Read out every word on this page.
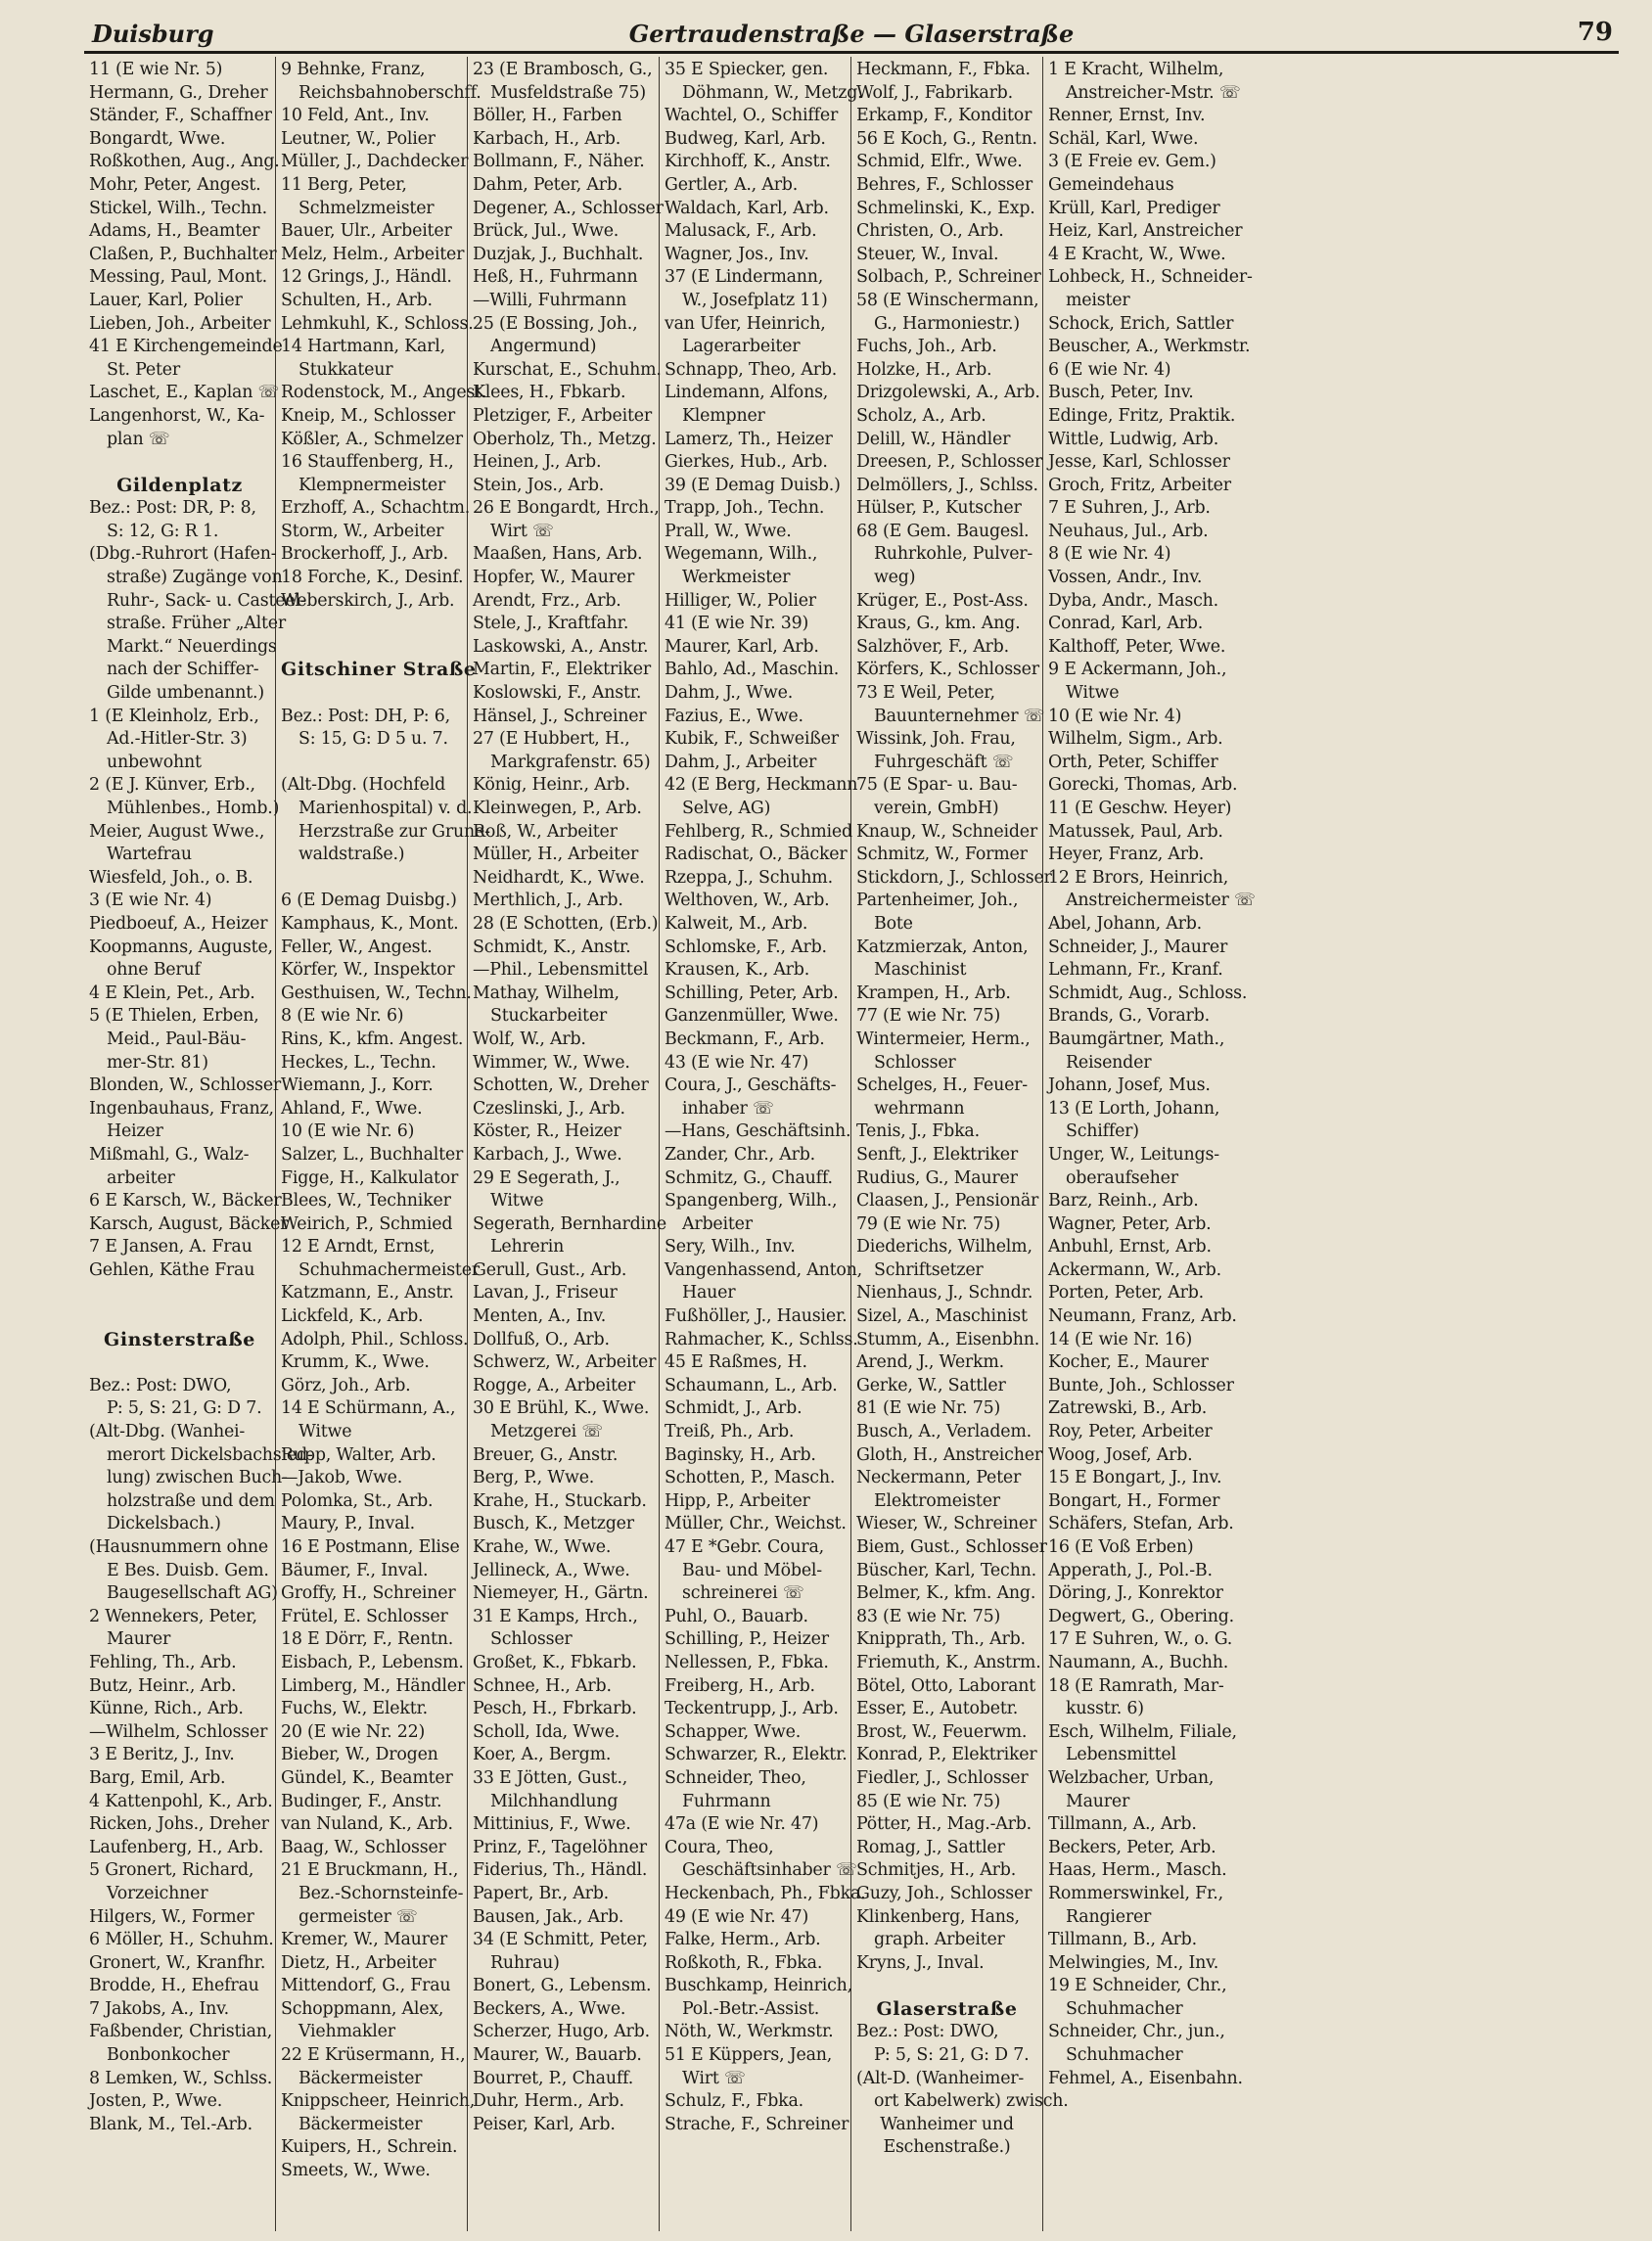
Duisburg	Gertraudenstraße — Glaserstraße	79
11 (E wie Nr. 5)
Hermann, G., Dreher
Ständer, F., Schaffner
Bongardt, Wwe.
Roßkothen, Aug., Ang.
Mohr, Peter, Angest.
Stickel, Wilh., Techn.
Adams, H., Beamter
Claßen, P., Buchhalter
Messing, Paul, Mont.
Lauer, Karl, Polier
Lieben, Joh., Arbeiter
41 E Kirchengemeinde
St. Peter
Laschet, E., Kaplan ☏
Langenhorst, W., Ka-
plan ☏
Gildenplatz
Bez.: Post: DR, P: 8,
S: 12, G: R 1.
(Dbg.-Ruhrort (Hafen-
straße) Zugänge von
Ruhr-, Sack- u. Casteel-
straße. Früher „Alter
Markt.“ Neuerdings
nach der Schiffer-
Gilde umbenannt.)
1 (E Kleinholz, Erb.,
Ad.-Hitler-Str. 3)
unbewohnt
2 (E J. Künver, Erb.,
Mühlenbes., Homb.)
Meier, August Wwe.,
Wartefrau
Wiesfeld, Joh., o. B.
3 (E wie Nr. 4)
Piedboeuf, A., Heizer
Koopmanns, Auguste,
ohne Beruf
4 E Klein, Pet., Arb.
5 (E Thielen, Erben,
Meid., Paul-Bäu-
mer-Str. 81)
Blonden, W., Schlosser
Ingenbauhaus, Franz,
Heizer
Mißmahl, G., Walz-
arbeiter
6 E Karsch, W., Bäcker
Karsch, August, Bäcker
7 E Jansen, A. Frau
Gehlen, Käthe Frau
Ginsterstraße
Bez.: Post: DWO,
P: 5, S: 21, G: D 7.
(Alt-Dbg. (Wanhei-
merort Dickelsbachsied-
lung) zwischen Buch-
holzstraße und dem
Dickelsbach.)
(Hausnummern ohne
E Bes. Duisb. Gem.
Baugesellschaft AG)
2 Wennekers, Peter,
Maurer
Fehling, Th., Arb.
Butz, Heinr., Arb.
Künne, Rich., Arb.
—Wilhelm, Schlosser
3 E Beritz, J., Inv.
Barg, Emil, Arb.
4 Kattenpohl, K., Arb.
Ricken, Johs., Dreher
Laufenberg, H., Arb.
5 Gronert, Richard,
Vorzeichner
Hilgers, W., Former
6 Möller, H., Schuhm.
Gronert, W., Kranfhr.
Brodde, H., Ehefrau
7 Jakobs, A., Inv.
Faßbender, Christian,
Bonbonkocher
8 Lemken, W., Schlss.
Josten, P., Wwe.
Blank, M., Tel.-Arb.
9 Behnke, Franz,
Reichsbahnoberschff.
10 Feld, Ant., Inv.
Leutner, W., Polier
Müller, J., Dachdecker
11 Berg, Peter,
Schmelzmeister
Bauer, Ulr., Arbeiter
Melz, Helm., Arbeiter
12 Grings, J., Händl.
Schulten, H., Arb.
Lehmkuhl, K., Schloss.
14 Hartmann, Karl,
Stukkateur
Rodenstock, M., Angest.
Kneip, M., Schlosser
Kößler, A., Schmelzer
16 Stauffenberg, H.,
Klempnermeister
Erzhoff, A., Schachtm.
Storm, W., Arbeiter
Brockerhoff, J., Arb.
18 Forche, K., Desinf.
Weberskirch, J., Arb.
Gitschiner Straße
Bez.: Post: DH, P: 6,
S: 15, G: D 5 u. 7.
(Alt-Dbg. (Hochfeld
Marienhospital) v. d.
Herzstraße zur Grune-
waldstraße.)
6 (E Demag Duisbg.)
Kamphaus, K., Mont.
Feller, W., Angest.
Körfer, W., Inspektor
Gesthuisen, W., Techn.
8 (E wie Nr. 6)
Rins, K., kfm. Angest.
Heckes, L., Techn.
Wiemann, J., Korr.
Ahland, F., Wwe.
10 (E wie Nr. 6)
Salzer, L., Buchhalter
Figge, H., Kalkulator
Blees, W., Techniker
Weirich, P., Schmied
12 E Arndt, Ernst,
Schuhmachermeister
Katzmann, E., Anstr.
Lickfeld, K., Arb.
Adolph, Phil., Schloss.
Krumm, K., Wwe.
Görz, Joh., Arb.
14 E Schürmann, A.,
Witwe
Rupp, Walter, Arb.
—Jakob, Wwe.
Polomka, St., Arb.
Maury, P., Inval.
16 E Postmann, Elise
Bäumer, F., Inval.
Groffy, H., Schreiner
Frütel, E. Schlosser
18 E Dörr, F., Rentn.
Eisbach, P., Lebensm.
Limberg, M., Händler
Fuchs, W., Elektr.
20 (E wie Nr. 22)
Bieber, W., Drogen
Gündel, K., Beamter
Budinger, F., Anstr.
van Nuland, K., Arb.
Baag, W., Schlosser
21 E Bruckmann, H.,
Bez.-Schornsteinfe-
germeister ☏
Kremer, W., Maurer
Dietz, H., Arbeiter
Mittendorf, G., Frau
Schoppmann, Alex,
Viehmakler
22 E Krüsermann, H.,
Bäckermeister
Knippscheer, Heinrich,
Bäckermeister
Kuipers, H., Schrein.
Smeets, W., Wwe.
23 (E Brambosch, G.,
Musfeldstraße 75)
Böller, H., Farben
Karbach, H., Arb.
Bollmann, F., Näher.
Dahm, Peter, Arb.
Degener, A., Schlosser
Brück, Jul., Wwe.
Duzjak, J., Buchhalt.
Heß, H., Fuhrmann
—Willi, Fuhrmann
25 (E Bossing, Joh.,
Angermund)
Kurschat, E., Schuhm.
Klees, H., Fbkarb.
Pletziger, F., Arbeiter
Oberholz, Th., Metzg.
Heinen, J., Arb.
Stein, Jos., Arb.
26 E Bongardt, Hrch.,
Wirt ☏
Maaßen, Hans, Arb.
Hopfer, W., Maurer
Arendt, Frz., Arb.
Stele, J., Kraftfahr.
Laskowski, A., Anstr.
Martin, F., Elektriker
Koslowski, F., Anstr.
Hänsel, J., Schreiner
27 (E Hubbert, H.,
Markgrafenstr. 65)
König, Heinr., Arb.
Kleinwegen, P., Arb.
Roß, W., Arbeiter
Müller, H., Arbeiter
Neidhardt, K., Wwe.
Merthlich, J., Arb.
28 (E Schotten, (Erb.)
Schmidt, K., Anstr.
—Phil., Lebensmittel
Mathay, Wilhelm,
Stuckarbeiter
Wolf, W., Arb.
Wimmer, W., Wwe.
Schotten, W., Dreher
Czeslinski, J., Arb.
Köster, R., Heizer
Karbach, J., Wwe.
29 E Segerath, J.,
Witwe
Segerath, Bernhardine
Lehrerin
Gerull, Gust., Arb.
Lavan, J., Friseur
Menten, A., Inv.
Dollfuß, O., Arb.
Schwerz, W., Arbeiter
Rogge, A., Arbeiter
30 E Brühl, K., Wwe.
Metzgerei ☏
Breuer, G., Anstr.
Berg, P., Wwe.
Krahe, H., Stuckarb.
Busch, K., Metzger
Krahe, W., Wwe.
Jellineck, A., Wwe.
Niemeyer, H., Gärtn.
31 E Kamps, Hrch.,
Schlosser
Großet, K., Fbkarb.
Schnee, H., Arb.
Pesch, H., Fbrkarb.
Scholl, Ida, Wwe.
Koer, A., Bergm.
33 E Jötten, Gust.,
Milchhandlung
Mittinius, F., Wwe.
Prinz, F., Tagelöhner
Fiderius, Th., Händl.
Papert, Br., Arb.
Bausen, Jak., Arb.
34 (E Schmitt, Peter,
Ruhrau)
Bonert, G., Lebensm.
Beckers, A., Wwe.
Scherzer, Hugo, Arb.
Maurer, W., Bauarb.
Bourret, P., Chauff.
Duhr, Herm., Arb.
Peiser, Karl, Arb.
35 E Spiecker, gen.
Döhmann, W., Metzg.
Wachtel, O., Schiffer
Budweg, Karl, Arb.
Kirchhoff, K., Anstr.
Gertler, A., Arb.
Waldach, Karl, Arb.
Malusack, F., Arb.
Wagner, Jos., Inv.
37 (E Lindermann,
W., Josefplatz 11)
van Ufer, Heinrich,
Lagerarbeiter
Schnapp, Theo, Arb.
Lindemann, Alfons,
Klempner
Lamerz, Th., Heizer
Gierkes, Hub., Arb.
39 (E Demag Duisb.)
Trapp, Joh., Techn.
Prall, W., Wwe.
Wegemann, Wilh.,
Werkmeister
Hilliger, W., Polier
41 (E wie Nr. 39)
Maurer, Karl, Arb.
Bahlo, Ad., Maschin.
Dahm, J., Wwe.
Fazius, E., Wwe.
Kubik, F., Schweißer
Dahm, J., Arbeiter
42 (E Berg, Heckmann
Selve, AG)
Fehlberg, R., Schmied
Radischat, O., Bäcker
Rzeppa, J., Schuhm.
Welthoven, W., Arb.
Kalweit, M., Arb.
Schlomske, F., Arb.
Krausen, K., Arb.
Schilling, Peter, Arb.
Ganzenmüller, Wwe.
Beckmann, F., Arb.
43 (E wie Nr. 47)
Coura, J., Geschäfts-
inhaber ☏
—Hans, Geschäftsinh.
Zander, Chr., Arb.
Schmitz, G., Chauff.
Spangenberg, Wilh.,
Arbeiter
Sery, Wilh., Inv.
Vangenhassend, Anton,
Hauer
Fußhöller, J., Hausier.
Rahmacher, K., Schlss.
45 E Raßmes, H.
Schaumann, L., Arb.
Schmidt, J., Arb.
Treiß, Ph., Arb.
Baginsky, H., Arb.
Schotten, P., Masch.
Hipp, P., Arbeiter
Müller, Chr., Weichst.
47 E *Gebr. Coura,
Bau- und Möbel-
schreinerei ☏
Puhl, O., Bauarb.
Schilling, P., Heizer
Nellessen, P., Fbka.
Freiberg, H., Arb.
Teckentrupp, J., Arb.
Schapper, Wwe.
Schwarzer, R., Elektr.
Schneider, Theo,
Fuhrmann
47a (E wie Nr. 47)
Coura, Theo,
Geschäftsinhaber ☏
Heckenbach, Ph., Fbka.
49 (E wie Nr. 47)
Falke, Herm., Arb.
Roßkoth, R., Fbka.
Buschkamp, Heinrich,
Pol.-Betr.-Assist.
Nöth, W., Werkmstr.
51 E Küppers, Jean,
Wirt ☏
Schulz, F., Fbka.
Strache, F., Schreiner
Heckmann, F., Fbka.
Wolf, J., Fabrikarb.
Erkamp, F., Konditor
56 E Koch, G., Rentn.
Schmid, Elfr., Wwe.
Behres, F., Schlosser
Schmelinski, K., Exp.
Christen, O., Arb.
Steuer, W., Inval.
Solbach, P., Schreiner
58 (E Winschermann,
G., Harmoniestr.)
Fuchs, Joh., Arb.
Holzke, H., Arb.
Drizgolewski, A., Arb.
Scholz, A., Arb.
Delill, W., Händler
Dreesen, P., Schlosser
Delmöllers, J., Schlss.
Hülser, P., Kutscher
68 (E Gem. Baugesl.
Ruhrkohle, Pulver-
weg)
Krüger, E., Post-Ass.
Kraus, G., km. Ang.
Salzhöver, F., Arb.
Körfers, K., Schlosser
73 E Weil, Peter,
Bauunternehmer ☏
Wissink, Joh. Frau,
Fuhrgeschäft ☏
75 (E Spar- u. Bau-
verein, GmbH)
Knaup, W., Schneider
Schmitz, W., Former
Stickdorn, J., Schlosser
Partenheimer, Joh.,
Bote
Katzmierzak, Anton,
Maschinist
Krampen, H., Arb.
77 (E wie Nr. 75)
Wintermeier, Herm.,
Schlosser
Schelges, H., Feuer-
wehrmann
Tenis, J., Fbka.
Senft, J., Elektriker
Rudius, G., Maurer
Claasen, J., Pensionär
79 (E wie Nr. 75)
Diederichs, Wilhelm,
Schriftsetzer
Nienhaus, J., Schndr.
Sizel, A., Maschinist
Stumm, A., Eisenbhn.
Arend, J., Werkm.
Gerke, W., Sattler
81 (E wie Nr. 75)
Busch, A., Verladem.
Gloth, H., Anstreicher
Neckermann, Peter
Elektromeister
Wieser, W., Schreiner
Biem, Gust., Schlosser
Büscher, Karl, Techn.
Belmer, K., kfm. Ang.
83 (E wie Nr. 75)
Knipprath, Th., Arb.
Friemuth, K., Anstrm.
Bötel, Otto, Laborant
Esser, E., Autobetr.
Brost, W., Feuerwm.
Konrad, P., Elektriker
Fiedler, J., Schlosser
85 (E wie Nr. 75)
Pötter, H., Mag.-Arb.
Romag, J., Sattler
Schmitjes, H., Arb.
Guzy, Joh., Schlosser
Klinkenberg, Hans,
graph. Arbeiter
Kryns, J., Inval.
Glaserstraße
Bez.: Post: DWO,
P: 5, S: 21, G: D 7.
(Alt-D. (Wanheimer-
ort Kabelwerk) zwisch.
Wanheimer und
Eschenstraße.)
1 E Kracht, Wilhelm,
Anstreicher-Mstr. ☏
Renner, Ernst, Inv.
Schäl, Karl, Wwe.
3 (E Freie ev. Gem.)
Gemeindehaus
Krüll, Karl, Prediger
Heiz, Karl, Anstreicher
4 E Kracht, W., Wwe.
Lohbeck, H., Schneider-
meister
Schock, Erich, Sattler
Beuscher, A., Werkmstr.
6 (E wie Nr. 4)
Busch, Peter, Inv.
Edinge, Fritz, Praktik.
Wittle, Ludwig, Arb.
Jesse, Karl, Schlosser
Groch, Fritz, Arbeiter
7 E Suhren, J., Arb.
Neuhaus, Jul., Arb.
8 (E wie Nr. 4)
Vossen, Andr., Inv.
Dyba, Andr., Masch.
Conrad, Karl, Arb.
Kalthoff, Peter, Wwe.
9 E Ackermann, Joh.,
Witwe
10 (E wie Nr. 4)
Wilhelm, Sigm., Arb.
Orth, Peter, Schiffer
Gorecki, Thomas, Arb.
11 (E Geschw. Heyer)
Matussek, Paul, Arb.
Heyer, Franz, Arb.
12 E Brors, Heinrich,
Anstreichermeister ☏
Abel, Johann, Arb.
Schneider, J., Maurer
Lehmann, Fr., Kranf.
Schmidt, Aug., Schloss.
Brands, G., Vorarb.
Baumgärtner, Math.,
Reisender
Johann, Josef, Mus.
13 (E Lorth, Johann,
Schiffer)
Unger, W., Leitungs-
oberaufseher
Barz, Reinh., Arb.
Wagner, Peter, Arb.
Anbuhl, Ernst, Arb.
Ackermann, W., Arb.
Porten, Peter, Arb.
Neumann, Franz, Arb.
14 (E wie Nr. 16)
Kocher, E., Maurer
Bunte, Joh., Schlosser
Zatrewski, B., Arb.
Roy, Peter, Arbeiter
Woog, Josef, Arb.
15 E Bongart, J., Inv.
Bongart, H., Former
Schäfers, Stefan, Arb.
16 (E Voß Erben)
Apperath, J., Pol.-B.
Döring, J., Konrektor
Degwert, G., Obering.
17 E Suhren, W., o. G.
Naumann, A., Buchh.
18 (E Ramrath, Mar-
kusstr. 6)
Esch, Wilhelm, Filiale,
Lebensmittel
Welzbacher, Urban,
Maurer
Tillmann, A., Arb.
Beckers, Peter, Arb.
Haas, Herm., Masch.
Rommerswinkel, Fr.,
Rangierer
Tillmann, B., Arb.
Melwingies, M., Inv.
19 E Schneider, Chr.,
Schuhmacher
Schneider, Chr., jun.,
Schuhmacher
Fehmel, A., Eisenbahn.
